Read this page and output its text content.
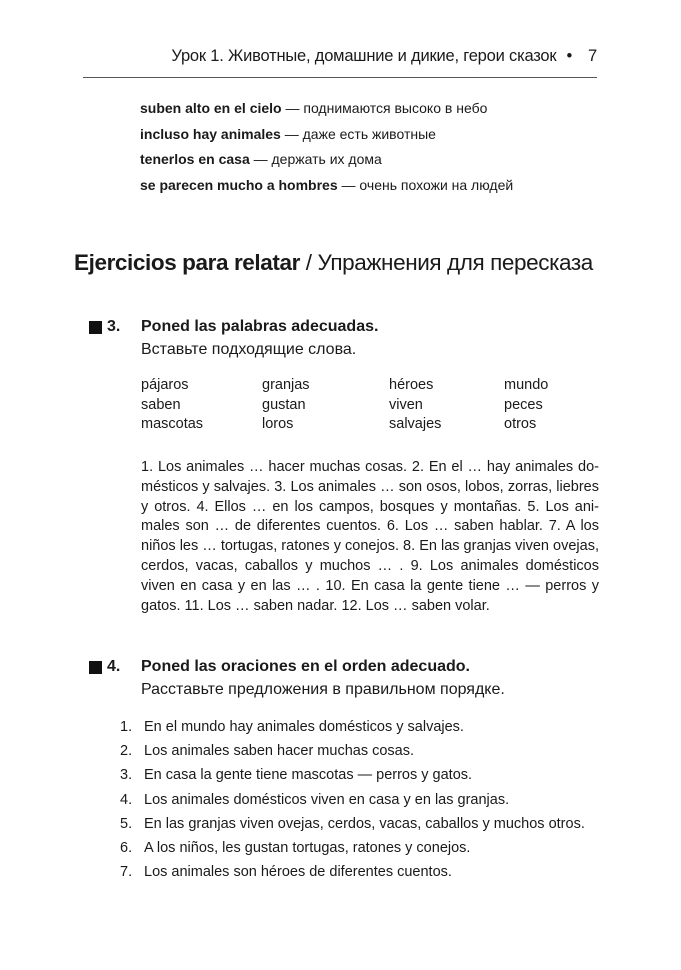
Урок 1. Животные, домашние и дикие, герои сказок • 7
suben alto en el cielo — поднимаются высоко в небо
incluso hay animales — даже есть животные
tenerlos en casa — держать их дома
se parecen mucho a hombres — очень похожи на людей
Ejercicios para relatar / Упражнения для пересказа
3. Poned las palabras adecuadas.
Вставьте подходящие слова.
pájaros	granjas	héroes	mundo
saben	gustan	viven	peces
mascotas	loros	salvajes	otros
1. Los animales … hacer muchas cosas. 2. En el … hay animales domésticos y salvajes. 3. Los animales … son osos, lobos, zorras, liebres y otros. 4. Ellos … en los campos, bosques y montañas. 5. Los animales son … de diferentes cuentos. 6. Los … saben hablar. 7. A los niños les … tortugas, ratones y conejos. 8. En las granjas viven ovejas, cerdos, vacas, caballos y muchos … . 9. Los animales domésticos viven en casa y en las … . 10. En casa la gente tiene … — perros y gatos. 11. Los … saben nadar. 12. Los … saben volar.
4. Poned las oraciones en el orden adecuado.
Расставьте предложения в правильном порядке.
1. En el mundo hay animales domésticos y salvajes.
2. Los animales saben hacer muchas cosas.
3. En casa la gente tiene mascotas — perros y gatos.
4. Los animales domésticos viven en casa y en las granjas.
5. En las granjas viven ovejas, cerdos, vacas, caballos y muchos otros.
6. A los niños, les gustan tortugas, ratones y conejos.
7. Los animales son héroes de diferentes cuentos.
